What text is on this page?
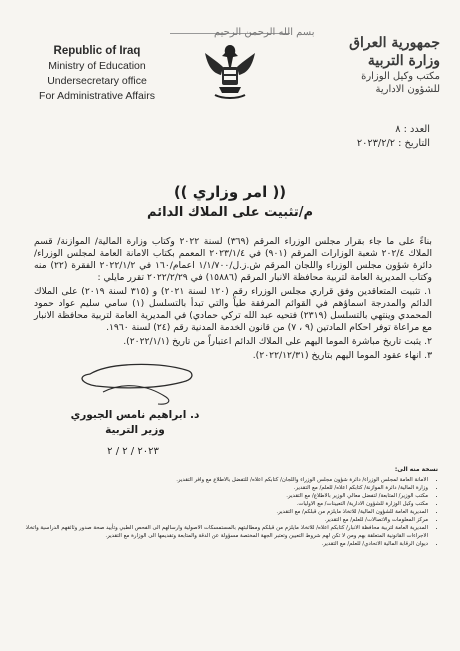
بسم الله الرحمن الرحيم
Republic of Iraq
Ministry of Education
Undersecretary office
For Administrative Affairs
جمهورية العراق
وزارة التربية
مكتب وكيل الوزارة
للشؤون الادارية
العدد : ٨
التاريخ : ٢٠٢٣/٢/٢
(( امر وزاري ))
م/تثبيت على الملاك الدائم

بناءً على ما جاء بقرار مجلس الوزراء المرقم (٣٦٩) لسنة ٢٠٢٢ وكتاب وزارة المالية/ الموازنة/ قسم الملاك ٢٠٢/٤ شعبة الوزارات المرقم (٩٠١) في ٢٠٢٣/١/٤ المعمم بكتاب الامانة العامة لمجلس الوزراء/ دائرة شؤون مجلس الوزراء واللجان المرقم ش.ز.ل/١/١/٧٠٠ اعمام/١٦٠ في ٢٠٢٢/١/٢ الفقرة (٢٢) منه وكتاب المديرية العامة لتربية محافظة الانبار المرقم (١٥٨٨٦) في ٢٠٢٢/٢/٢٩ تقرر مايلي :

١. تثبيت المتعاقدين وفق قراري مجلس الوزراء رقم (١٢٠ لسنة ٢٠٢١) و (٣١٥ لسنة ٢٠١٩) على الملاك الدائم والمدرجة اسماؤهم في القوائم المرفقة طياً والتي تبدأ بالتسلسل (١) سامي سليم عواد حمود المحمدي وينتهي بالتسلسل (٢٣١٩) فتحيه عبد الله تركي حمادي) في المديرية العامة لتربية محافظة الانبار مع مراعاة توفر احكام المادتين (٩ ، ٧) من قانون الخدمة المدنية رقم (٢٤) لسنة ١٩٦٠.

٢. يثبت تاريخ مباشرة الموما اليهم على الملاك الدائم اعتباراً من تاريخ (٢٠٢٢/١/١).

٣. انهاء عقود الموما اليهم بتاريخ (٢٠٢٢/١٢/٣١).

د. ابراهيم نامس الجبوري
وزير التربية
٢٠٢٣ / ٢ / ٢
نسخة منه الى:
• الامانة العامة لمجلس الوزراء/ دائرة شؤون مجلس الوزراء واللجان/ كتابكم اعلاه/ للتفضل بالاطلاع مع وافر التقدير.
• وزارة المالية/ دائرة الموازنة/ كتابكم اعلاه/ للعلم/ مع التقدير.
• مكتب الوزير/ المتابعة/ لتفضل معالي الوزير بالاطلاع/ مع التقدير.
• مكتب وكيل الوزارة للشؤون الادارية/ التعيينات/ مع الاوليات.
• المديرية العامة للشؤون المالية/ للاتخاذ مايلزم من قبلكم/ مع التقدير.
• مركز المعلومات والاتصالات/ للعلم/ مع التقدير.
• المديرية العامة لتربية محافظة الانبار/ كتابكم اعلاه/ للاتخاذ مايلزم من قبلكم ومطالبتهم بالمستمسكات الاصولية وارسالهم الى الفحص الطبي وتأييد صحة صدور وثائقهم الدراسية واتخاذ الاجراءات القانونية المتعلقة بهم ومن لا تكن لهم شروط التعيين وتعتبر الجهة المختصة مسؤولة عن الدقة والمتابعة وتقديمها الى الوزارة مع التقدير.
• ديوان الرقابة المالية الاتحادي/ للعلم/ مع التقدير.
